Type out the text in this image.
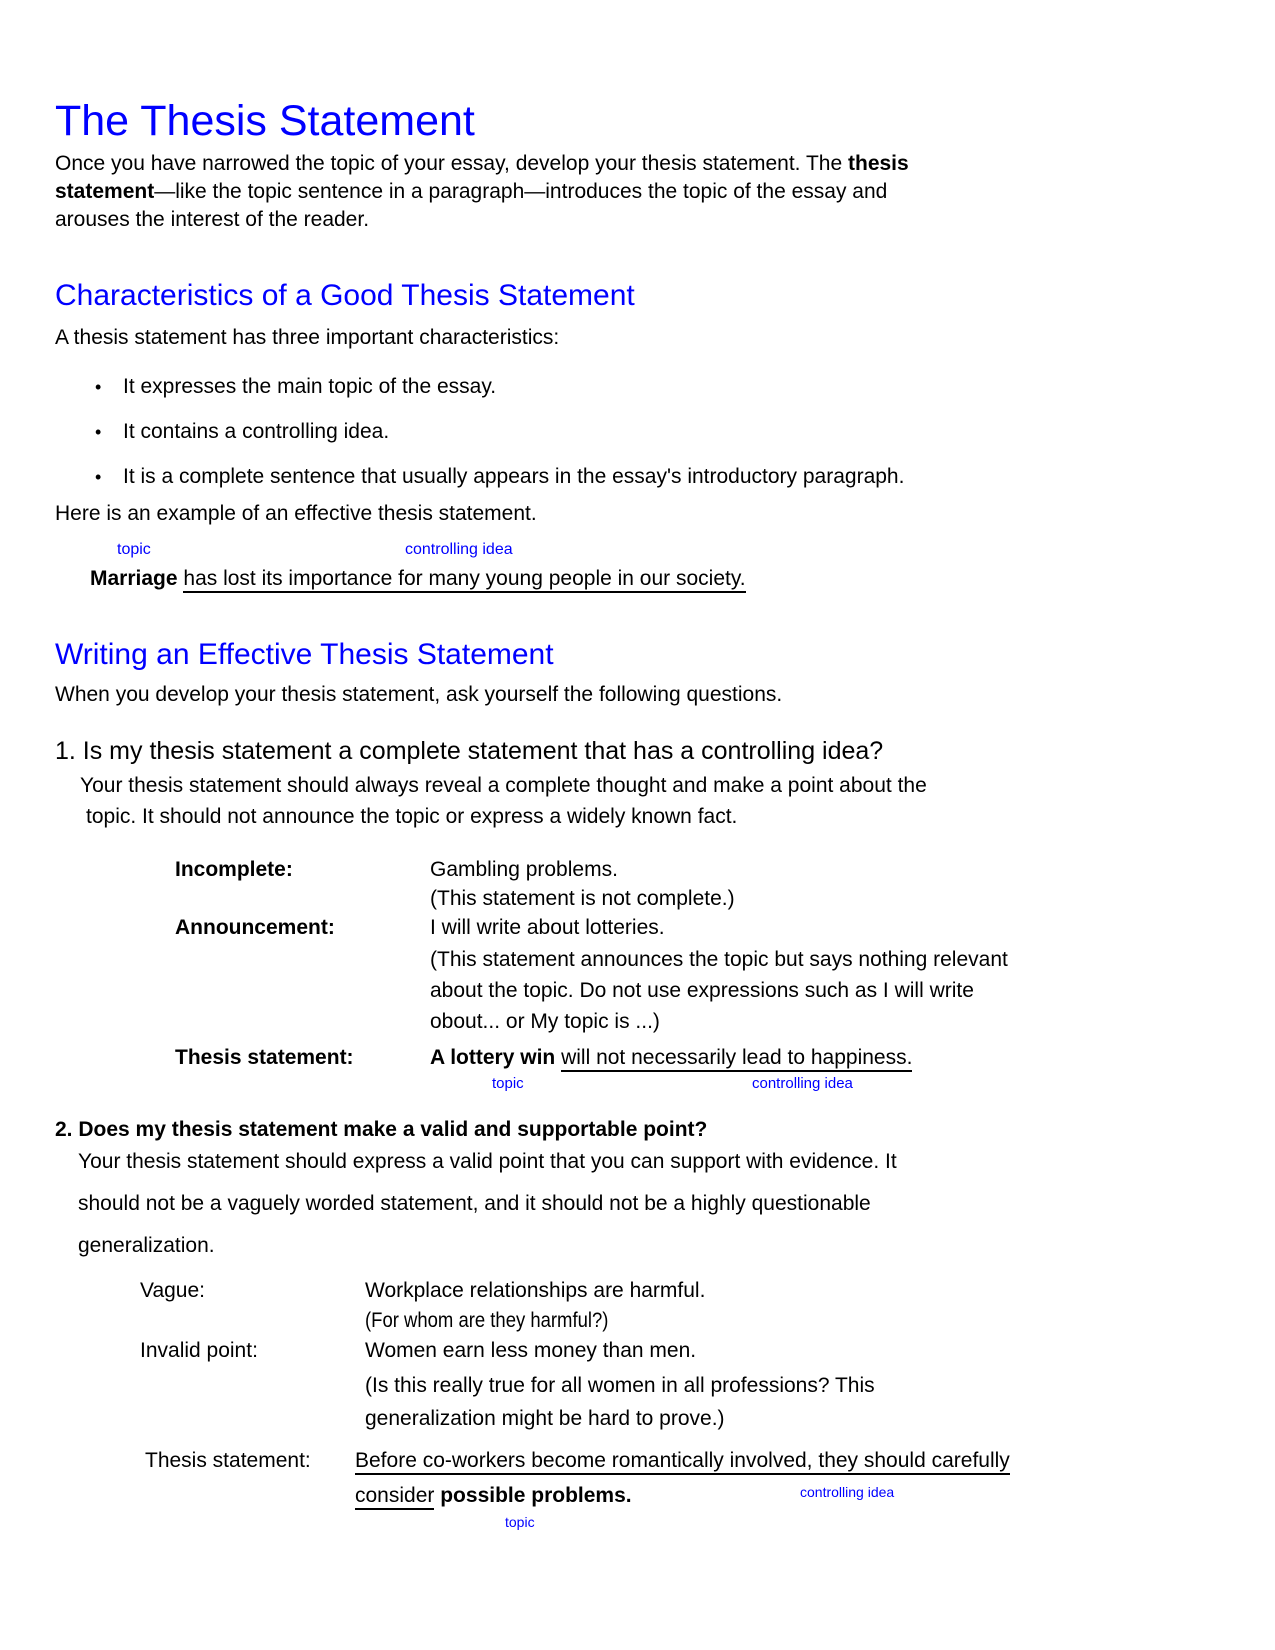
The Thesis Statement
Once you have narrowed the topic of your essay, develop your thesis statement. The thesis
statement—like the topic sentence in a paragraph—introduces the topic of the essay and
arouses the interest of the reader.
Characteristics of a Good Thesis Statement
A thesis statement has three important characteristics:
•	It expresses the main topic of the essay.
•	It contains a controlling idea.
•	It is a complete sentence that usually appears in the essay's introductory paragraph.
Here is an example of an effective thesis statement.
topic	controlling idea
Marriage has lost its importance for many young people in our society.
Writing an Effective Thesis Statement
When you develop your thesis statement, ask yourself the following questions.
1. Is my thesis statement a complete statement that has a controlling idea?
Your thesis statement should always reveal a complete thought and make a point about the
topic. It should not announce the topic or express a widely known fact.
Incomplete:	Gambling problems.
(This statement is not complete.)
Announcement:	I will write about lotteries.
(This statement announces the topic but says nothing relevant
about the topic. Do not use expressions such as I will write
obout... or My topic is ...)
Thesis statement:	A lottery win will not necessarily lead to happiness.
topic	controlling idea
2. Does my thesis statement make a valid and supportable point?
Your thesis statement should express a valid point that you can support with evidence. It
should not be a vaguely worded statement, and it should not be a highly questionable
generalization.
Vague:	Workplace relationships are harmful.
(For whom are they harmful?)
Invalid point:	Women earn less money than men.
(Is this really true for all women in all professions? This
generalization might be hard to prove.)
Thesis statement:	Before co-workers become romantically involved, they should carefully
consider possible problems.	controlling idea
topic
